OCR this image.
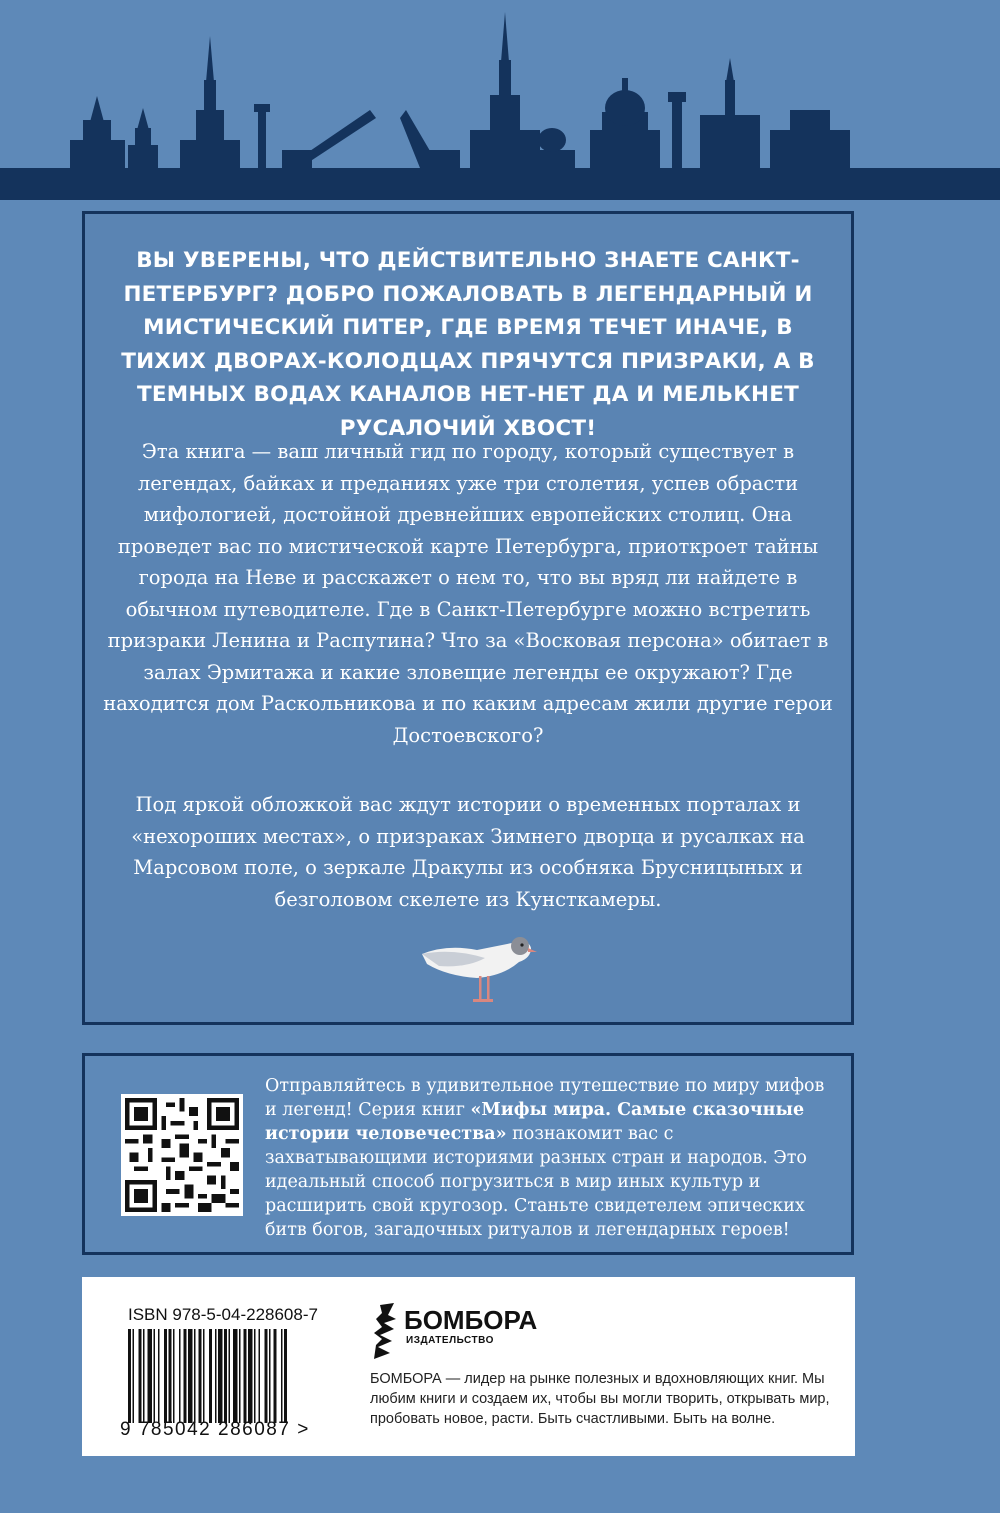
ВЫ УВЕРЕНЫ, ЧТО ДЕЙСТВИТЕЛЬНО ЗНАЕТЕ САНКТ-ПЕТЕРБУРГ? ДОБРО ПОЖАЛОВАТЬ В ЛЕГЕНДАРНЫЙ И МИСТИЧЕСКИЙ ПИТЕР, ГДЕ ВРЕМЯ ТЕЧЕТ ИНАЧЕ, В ТИХИХ ДВОРАХ-КОЛОДЦАХ ПРЯЧУТСЯ ПРИЗРАКИ, А В ТЕМНЫХ ВОДАХ КАНАЛОВ НЕТ-НЕТ ДА И МЕЛЬКНЕТ РУСАЛОЧИЙ ХВОСТ!
Эта книга — ваш личный гид по городу, который существует в легендах, байках и преданиях уже три столетия, успев обрасти мифологией, достойной древнейших европейских столиц. Она проведет вас по мистической карте Петербурга, приоткроет тайны города на Неве и расскажет о нем то, что вы вряд ли найдете в обычном путеводителе. Где в Санкт-Петербурге можно встретить призраки Ленина и Распутина? Что за «Восковая персона» обитает в залах Эрмитажа и какие зловещие легенды ее окружают? Где находится дом Раскольникова и по каким адресам жили другие герои Достоевского?
Под яркой обложкой вас ждут истории о временных порталах и «нехороших местах», о призраках Зимнего дворца и русалках на Марсовом поле, о зеркале Дракулы из особняка Брусницыных и безголовом скелете из Кунсткамеры.
Отправляйтесь в удивительное путешествие по миру мифов и легенд! Серия книг «Мифы мира. Самые сказочные истории человечества» познакомит вас с захватывающими историями разных стран и народов. Это идеальный способ погрузиться в мир иных культур и расширить свой кругозор. Станьте свидетелем эпических битв богов, загадочных ритуалов и легендарных героев!
ISBN 978-5-04-228608-7
9 785042 286087 >
БОМБОРА
ИЗДАТЕЛЬСТВО
БОМБОРА — лидер на рынке полезных и вдохновляющих книг. Мы любим книги и создаем их, чтобы вы могли творить, открывать мир, пробовать новое, расти. Быть счастливыми. Быть на волне.
